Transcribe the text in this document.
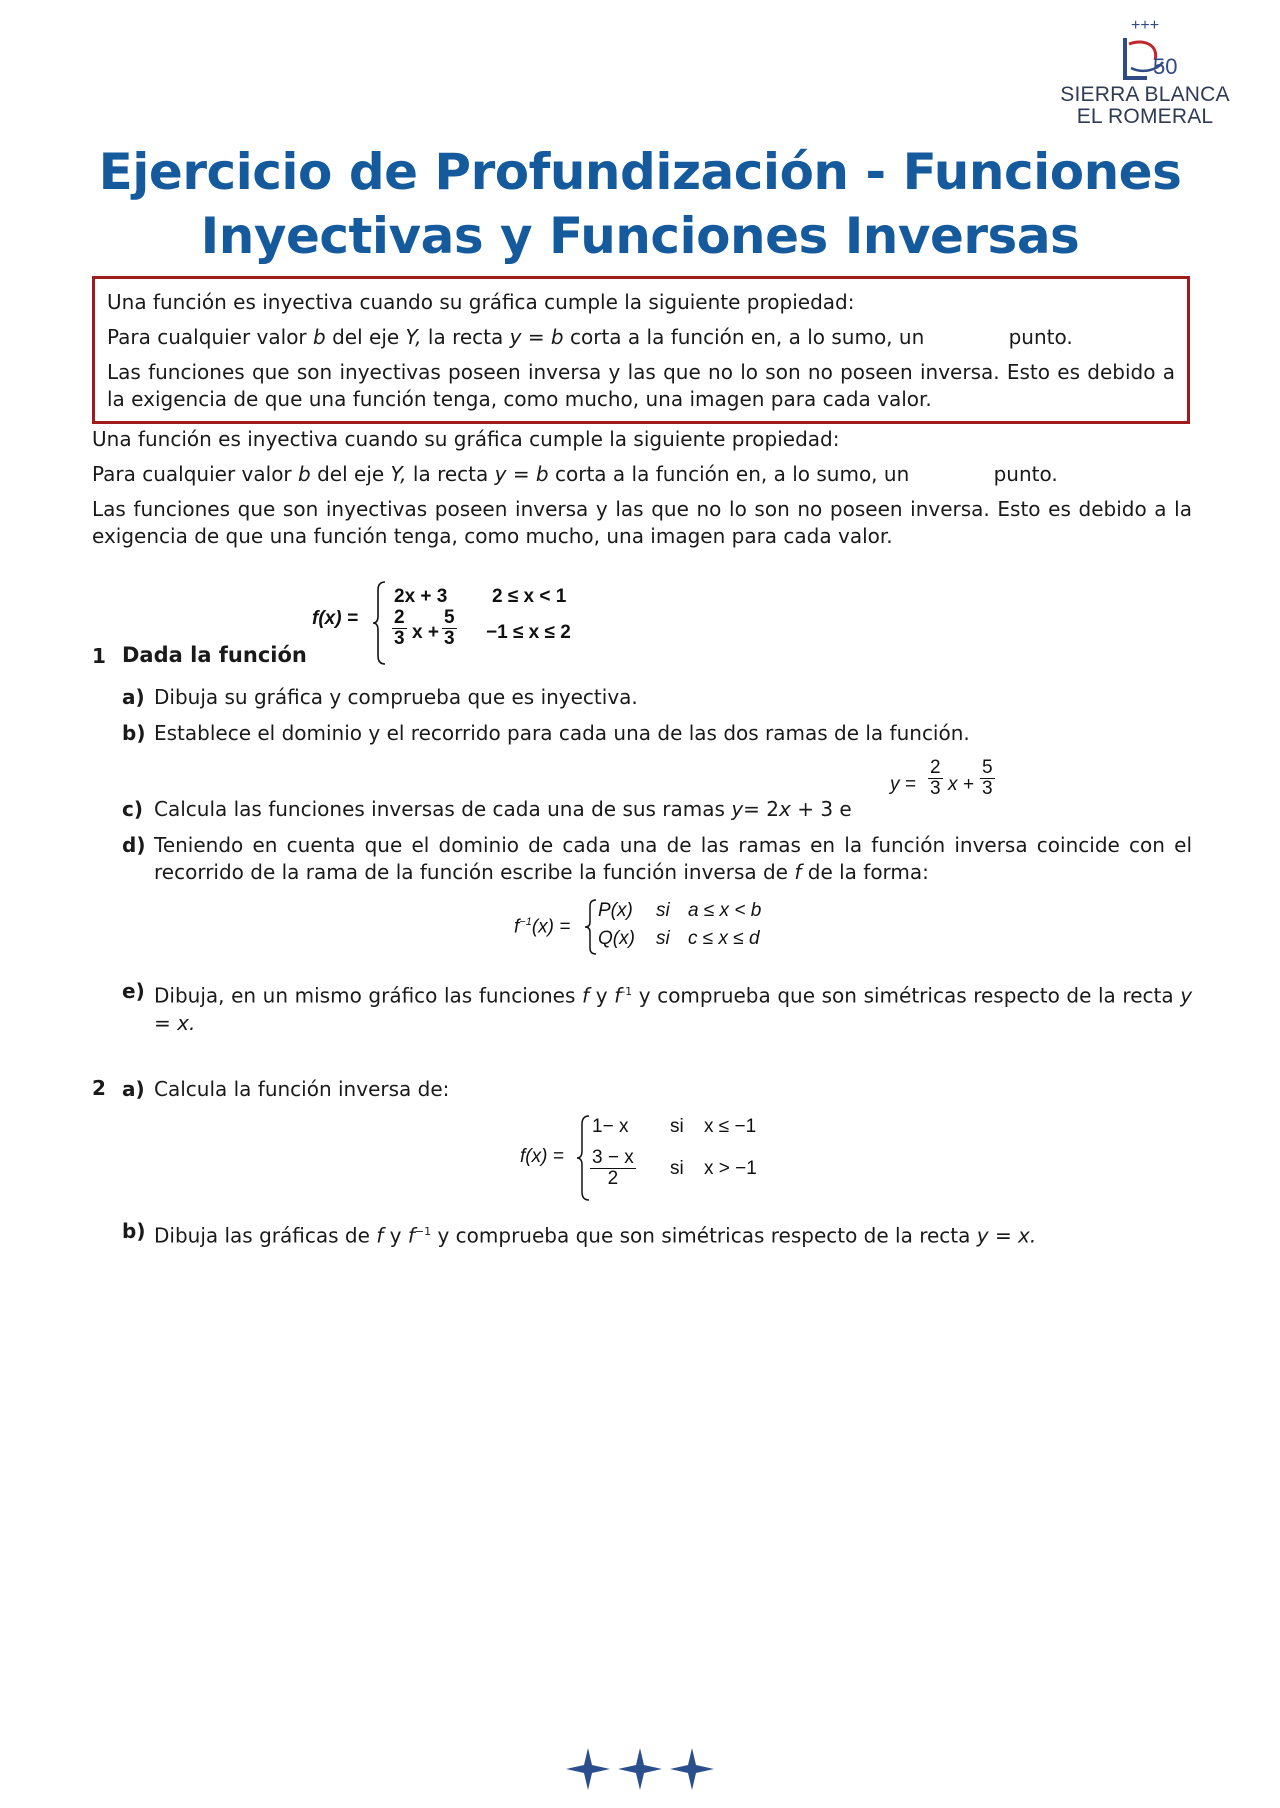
+++
50
SIERRA BLANCA
EL ROMERAL
Ejercicio de Profundización - Funciones
Inyectivas y Funciones Inversas

Una función es inyectiva cuando su gráfica cumple la siguiente propiedad:

Para cualquier valor b del eje Y, la recta y = b corta a la función en, a lo sumo, un	punto.

Las funciones que son inyectivas poseen inversa y las que no lo son no poseen inversa. Esto es debido a la exigencia de que una función tenga, como mucho, una imagen para cada valor.

Una función es inyectiva cuando su gráfica cumple la siguiente propiedad:

Para cualquier valor b del eje Y, la recta y = b corta a la función en, a lo sumo, un	punto.

Las funciones que son inyectivas poseen inversa y las que no lo son no poseen inversa. Esto es debido a la exigencia de que una función tenga, como mucho, una imagen para cada valor.

1 Dada la función
f(x) =
2x + 3 2 ≤ x < 1
$\frac{2}{3}$ $x + \frac{5}{3} -1 \le x \le 2$
a) Dibuja su gráfica y comprueba que es inyectiva.
b) Establece el dominio y el recorrido para cada una de las dos ramas de la función.
c) Calcula las funciones inversas de cada una de sus ramas y= 2x + 3 e
$y = \frac{2}{3}$ $x + \frac{5}{3}$
d) Teniendo en cuenta que el dominio de cada una de las ramas en la función inversa coincide con el recorrido de la rama de la función escribe la función inversa de f de la forma:
$f^{-1}(x)$ =
P(x) si a ≤ x < b
Q(x) si c ≤ x ≤ d
e) Dibuja, en un mismo gráfico las funciones f y $f^{-1}$ y comprueba que son simétricas respecto de la recta y = x.
2 a) Calcula la función inversa de:
f(x) =
1− x si x ≤ −1
$\frac{3 - x}{2}$ si x > −1
b) Dibuja las gráficas de f y $f^{-1}$ y comprueba que son simétricas respecto de la recta y = x.
